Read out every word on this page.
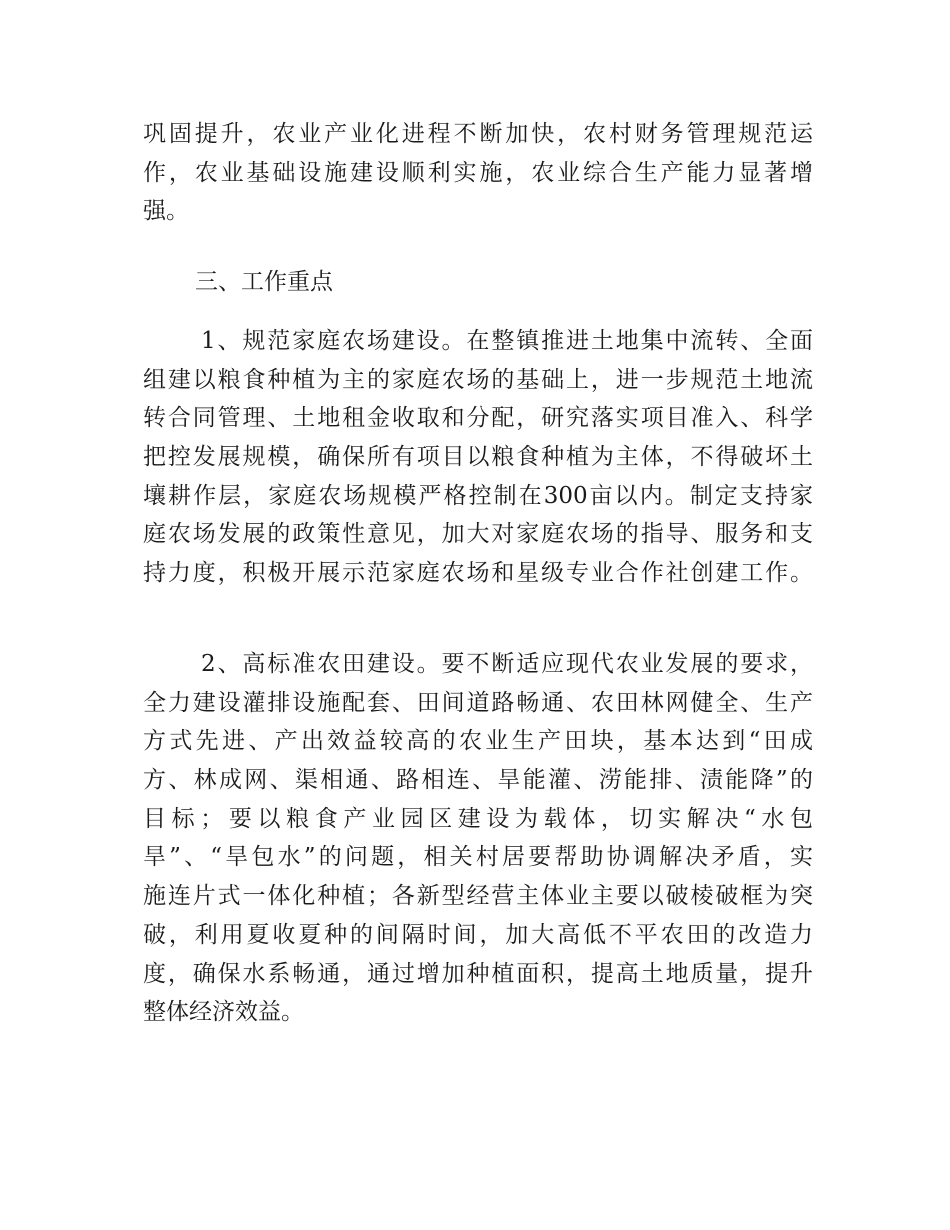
巩固提升，农业产业化进程不断加快，农村财务管理规范运
作，农业基础设施建设顺利实施，农业综合生产能力显著增
强。
三、工作重点
1、规范家庭农场建设。在整镇推进土地集中流转、全面
组建以粮食种植为主的家庭农场的基础上，进一步规范土地流
转合同管理、土地租金收取和分配，研究落实项目准入、科学
把控发展规模，确保所有项目以粮食种植为主体，不得破坏土
壤耕作层，家庭农场规模严格控制在300亩以内。制定支持家
庭农场发展的政策性意见，加大对家庭农场的指导、服务和支
持力度，积极开展示范家庭农场和星级专业合作社创建工作。
2、高标准农田建设。要不断适应现代农业发展的要求，
全力建设灌排设施配套、田间道路畅通、农田林网健全、生产
方式先进、产出效益较高的农业生产田块，基本达到“田成
方、林成网、渠相通、路相连、旱能灌、涝能排、渍能降”的
目标；要以粮食产业园区建设为载体，切实解决“水包
旱”、“旱包水”的问题，相关村居要帮助协调解决矛盾，实
施连片式一体化种植；各新型经营主体业主要以破棱破框为突
破，利用夏收夏种的间隔时间，加大高低不平农田的改造力
度，确保水系畅通，通过增加种植面积，提高土地质量，提升
整体经济效益。
